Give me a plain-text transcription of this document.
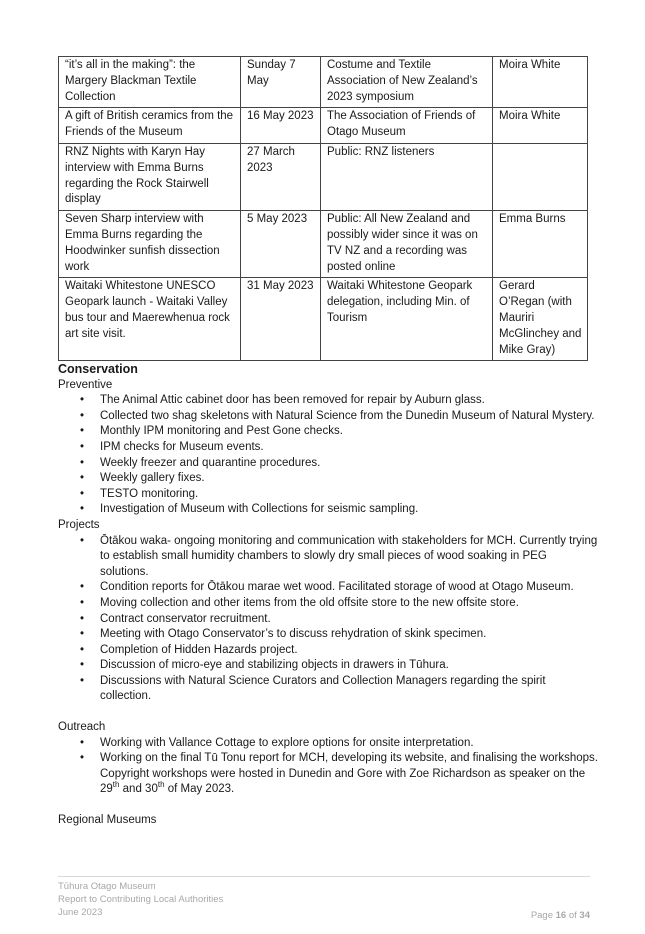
“it’s all in the making”: the Margery Blackman Textile Collection	Sunday 7 May	Costume and Textile Association of New Zealand’s 2023 symposium	Moira White
A gift of British ceramics from the Friends of the Museum	16 May 2023	The Association of Friends of Otago Museum	Moira White
RNZ Nights with Karyn Hay interview with Emma Burns regarding the Rock Stairwell display	27 March 2023	Public: RNZ listeners	
Seven Sharp interview with Emma Burns regarding the Hoodwinker sunfish dissection work	5 May 2023	Public: All New Zealand and possibly wider since it was on TV NZ and a recording was posted online	Emma Burns
Waitaki Whitestone UNESCO Geopark launch - Waitaki Valley bus tour and Maerewhenua rock art site visit.	31 May 2023	Waitaki Whitestone Geopark delegation, including Min. of Tourism	Gerard O’Regan (with Mauriri McGlinchey and Mike Gray)
Conservation
Preventive
• The Animal Attic cabinet door has been removed for repair by Auburn glass.
• Collected two shag skeletons with Natural Science from the Dunedin Museum of Natural Mystery.
• Monthly IPM monitoring and Pest Gone checks.
• IPM checks for Museum events.
• Weekly freezer and quarantine procedures.
• Weekly gallery fixes.
• TESTO monitoring.
• Investigation of Museum with Collections for seismic sampling.
Projects
• Ōtākou waka- ongoing monitoring and communication with stakeholders for MCH. Currently trying to establish small humidity chambers to slowly dry small pieces of wood soaking in PEG solutions.
• Condition reports for Ōtākou marae wet wood. Facilitated storage of wood at Otago Museum.
• Moving collection and other items from the old offsite store to the new offsite store.
• Contract conservator recruitment.
• Meeting with Otago Conservator’s to discuss rehydration of skink specimen.
• Completion of Hidden Hazards project.
• Discussion of micro-eye and stabilizing objects in drawers in Tūhura.
• Discussions with Natural Science Curators and Collection Managers regarding the spirit collection.
Outreach
• Working with Vallance Cottage to explore options for onsite interpretation.
• Working on the final Tū Tonu report for MCH, developing its website, and finalising the workshops. Copyright workshops were hosted in Dunedin and Gore with Zoe Richardson as speaker on the 29th and 30th of May 2023.
Regional Museums
Tūhura Otago Museum
Report to Contributing Local Authorities
June 2023	Page 16 of 34
